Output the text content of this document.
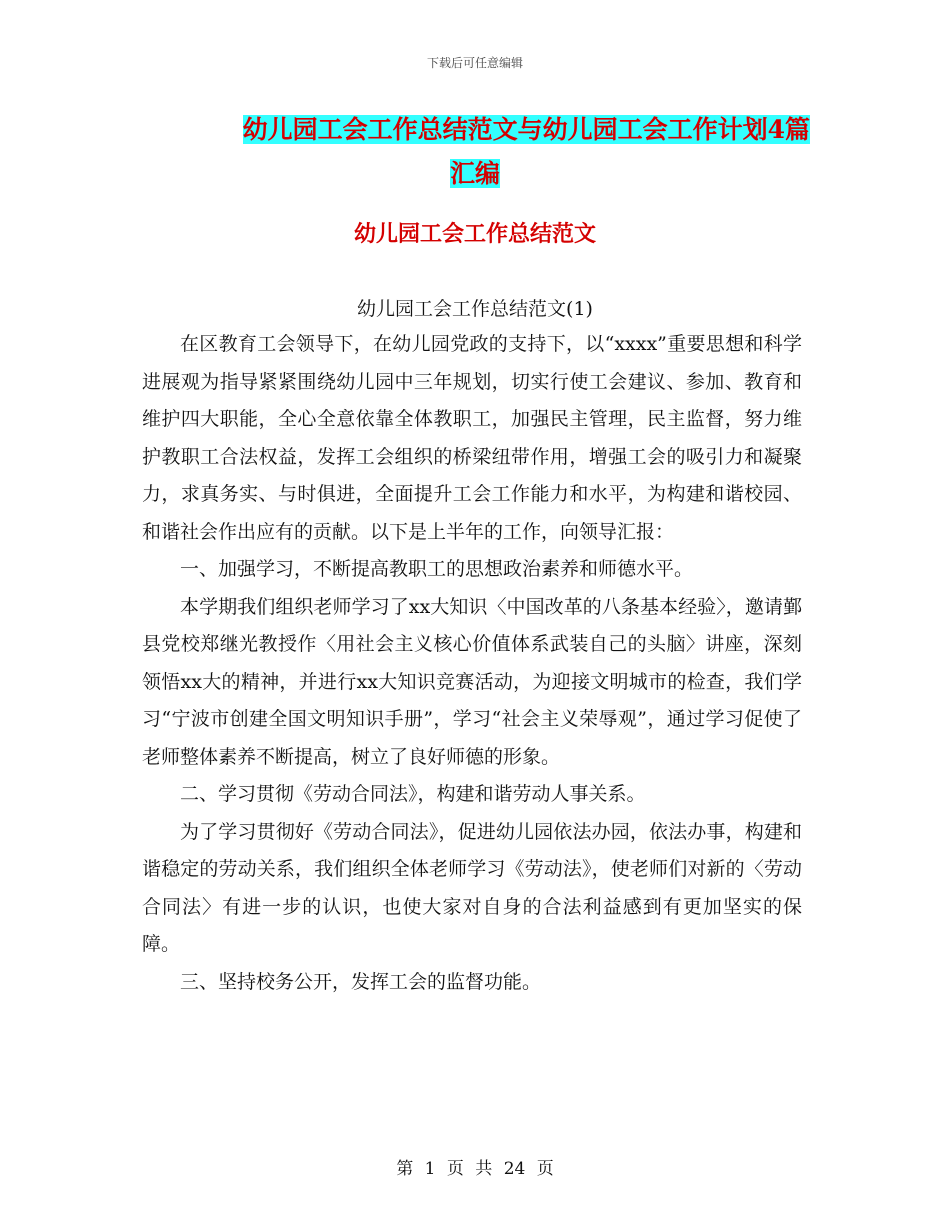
下载后可任意编辑
幼儿园工会工作总结范文与幼儿园工会工作计划4篇
汇编
幼儿园工会工作总结范文
幼儿园工会工作总结范文(1)

在区教育工会领导下，在幼儿园党政的支持下，以“xxxx”重要思想和科学进展观为指导紧紧围绕幼儿园中三年规划，切实行使工会建议、参加、教育和维护四大职能，全心全意依靠全体教职工，加强民主管理，民主监督，努力维护教职工合法权益，发挥工会组织的桥梁纽带作用，增强工会的吸引力和凝聚力，求真务实、与时俱进，全面提升工会工作能力和水平，为构建和谐校园、和谐社会作出应有的贡献。以下是上半年的工作，向领导汇报：

一、加强学习，不断提高教职工的思想政治素养和师德水平。

本学期我们组织老师学习了xx大知识〈中国改革的八条基本经验〉，邀请鄞县党校郑继光教授作〈用社会主义核心价值体系武装自己的头脑〉讲座，深刻领悟xx大的精神，并进行xx大知识竞赛活动，为迎接文明城市的检查，我们学习“宁波市创建全国文明知识手册”，学习“社会主义荣辱观”，通过学习促使了老师整体素养不断提高，树立了良好师德的形象。

二、学习贯彻《劳动合同法》，构建和谐劳动人事关系。

为了学习贯彻好《劳动合同法》，促进幼儿园依法办园，依法办事，构建和谐稳定的劳动关系，我们组织全体老师学习《劳动法》，使老师们对新的〈劳动合同法〉有进一步的认识，也使大家对自身的合法利益感到有更加坚实的保障。

三、坚持校务公开，发挥工会的监督功能。

第 1 页 共 24 页
